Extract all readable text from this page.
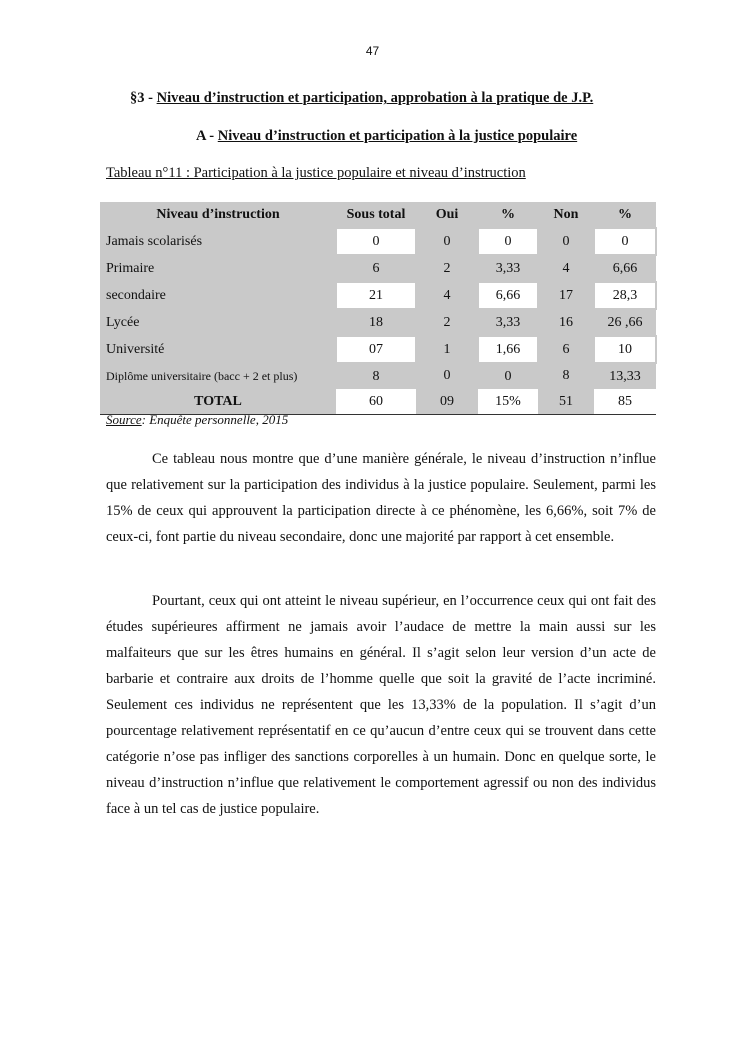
47
§3 - Niveau d’instruction et participation, approbation à la pratique de J.P.
A - Niveau d’instruction et participation à la justice populaire
Tableau n°11 : Participation à la justice populaire et niveau d’instruction
Niveau d’instruction	Sous total	Oui	%	Non	%
Jamais scolarisés	0	0	0	0	0
Primaire	6	2	3,33	4	6,66
secondaire	21	4	6,66	17	28,3
Lycée	18	2	3,33	16	26 ,66
Université	07	1	1,66	6	10
Diplôme universitaire (bacc + 2 et plus)	8	0	0	8	13,33
TOTAL	60	09	15%	51	85
Source: Enquête personnelle, 2015

Ce tableau nous montre que d’une manière générale, le niveau d’instruction n’influe que relativement sur la participation des individus à la justice populaire. Seulement, parmi les 15% de ceux qui approuvent la participation directe à ce phénomène, les 6,66%, soit 7% de ceux-ci, font partie du niveau secondaire, donc une majorité par rapport à cet ensemble.

Pourtant, ceux qui ont atteint le niveau supérieur, en l’occurrence ceux qui ont fait des études supérieures affirment ne jamais avoir l’audace de mettre la main aussi sur les malfaiteurs que sur les êtres humains en général. Il s’agit selon leur version d’un acte de barbarie et contraire aux droits de l’homme quelle que soit la gravité de l’acte incriminé. Seulement ces individus ne représentent que les 13,33% de la population. Il s’agit d’un pourcentage relativement représentatif en ce qu’aucun d’entre ceux qui se trouvent dans cette catégorie n’ose pas infliger des sanctions corporelles à un humain. Donc en quelque sorte, le niveau d’instruction n’influe que relativement le comportement agressif ou non des individus face à un tel cas de justice populaire.
